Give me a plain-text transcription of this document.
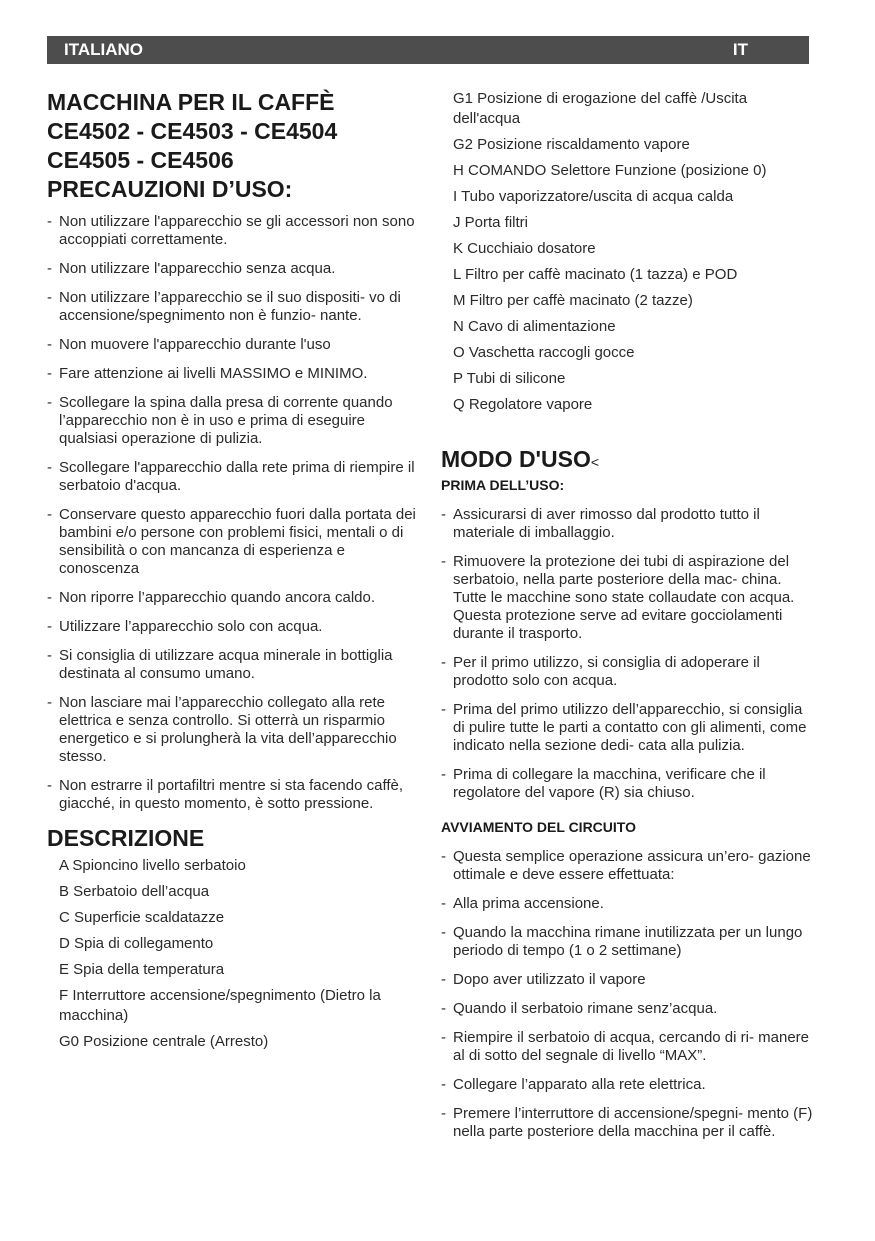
ITALIANO	IT
MACCHINA PER IL CAFFÈ
CE4502 - CE4503 - CE4504
CE4505 - CE4506
PRECAUZIONI D’USO:
- Non utilizzare l'apparecchio se gli accessori non sono accoppiati correttamente.
- Non utilizzare l'apparecchio senza acqua.
- Non utilizzare l’apparecchio se il suo dispositi- vo di accensione/spegnimento non è funzio- nante.
- Non muovere l'apparecchio durante l'uso
- Fare attenzione ai livelli MASSIMO e MINIMO.
- Scollegare la spina dalla presa di corrente quando l’apparecchio non è in uso e prima di eseguire qualsiasi operazione di pulizia.
- Scollegare l'apparecchio dalla rete prima di riempire il serbatoio d'acqua.
- Conservare questo apparecchio fuori dalla portata dei bambini e/o persone con problemi fisici, mentali o di sensibilità o con mancanza di esperienza e conoscenza
- Non riporre l’apparecchio quando ancora caldo.
- Utilizzare l’apparecchio solo con acqua.
- Si consiglia di utilizzare acqua minerale in bottiglia destinata al consumo umano.
- Non lasciare mai l’apparecchio collegato alla rete elettrica e senza controllo. Si otterrà un risparmio energetico e si prolungherà la vita dell’apparecchio stesso.
- Non estrarre il portafiltri mentre si sta facendo caffè, giacché, in questo momento, è sotto pressione.
DESCRIZIONE
A Spioncino livello serbatoio
B Serbatoio dell’acqua
C Superficie scaldatazze
D Spia di collegamento
E Spia della temperatura
F Interruttore accensione/spegnimento (Dietro la macchina)
G0 Posizione centrale (Arresto)
G1 Posizione di erogazione del caffè /Uscita dell'acqua
G2 Posizione riscaldamento vapore
H COMANDO Selettore Funzione (posizione 0)
I Tubo vaporizzatore/uscita di acqua calda
J Porta filtri
K Cucchiaio dosatore
L Filtro per caffè macinato (1 tazza) e POD
M Filtro per caffè macinato (2 tazze)
N Cavo di alimentazione
O Vaschetta raccogli gocce
P Tubi di silicone
Q Regolatore vapore
MODO D'USO<
PRIMA DELL’USO:
- Assicurarsi di aver rimosso dal prodotto tutto il materiale di imballaggio.
- Rimuovere la protezione dei tubi di aspirazione del serbatoio, nella parte posteriore della mac- china. Tutte le macchine sono state collaudate con acqua. Questa protezione serve ad evitare gocciolamenti durante il trasporto.
- Per il primo utilizzo, si consiglia di adoperare il prodotto solo con acqua.
- Prima del primo utilizzo dell’apparecchio, si consiglia di pulire tutte le parti a contatto con gli alimenti, come indicato nella sezione dedi- cata alla pulizia.
- Prima di collegare la macchina, verificare che il regolatore del vapore (R) sia chiuso.
AVVIAMENTO DEL CIRCUITO
- Questa semplice operazione assicura un’ero- gazione ottimale e deve essere effettuata:
- Alla prima accensione.
- Quando la macchina rimane inutilizzata per un lungo periodo di tempo (1 o 2 settimane)
- Dopo aver utilizzato il vapore
- Quando il serbatoio rimane senz’acqua.
- Riempire il serbatoio di acqua, cercando di ri- manere al di sotto del segnale di livello “MAX”.
- Collegare l’apparato alla rete elettrica.
- Premere l’interruttore di accensione/spegni- mento (F) nella parte posteriore della macchina per il caffè.
